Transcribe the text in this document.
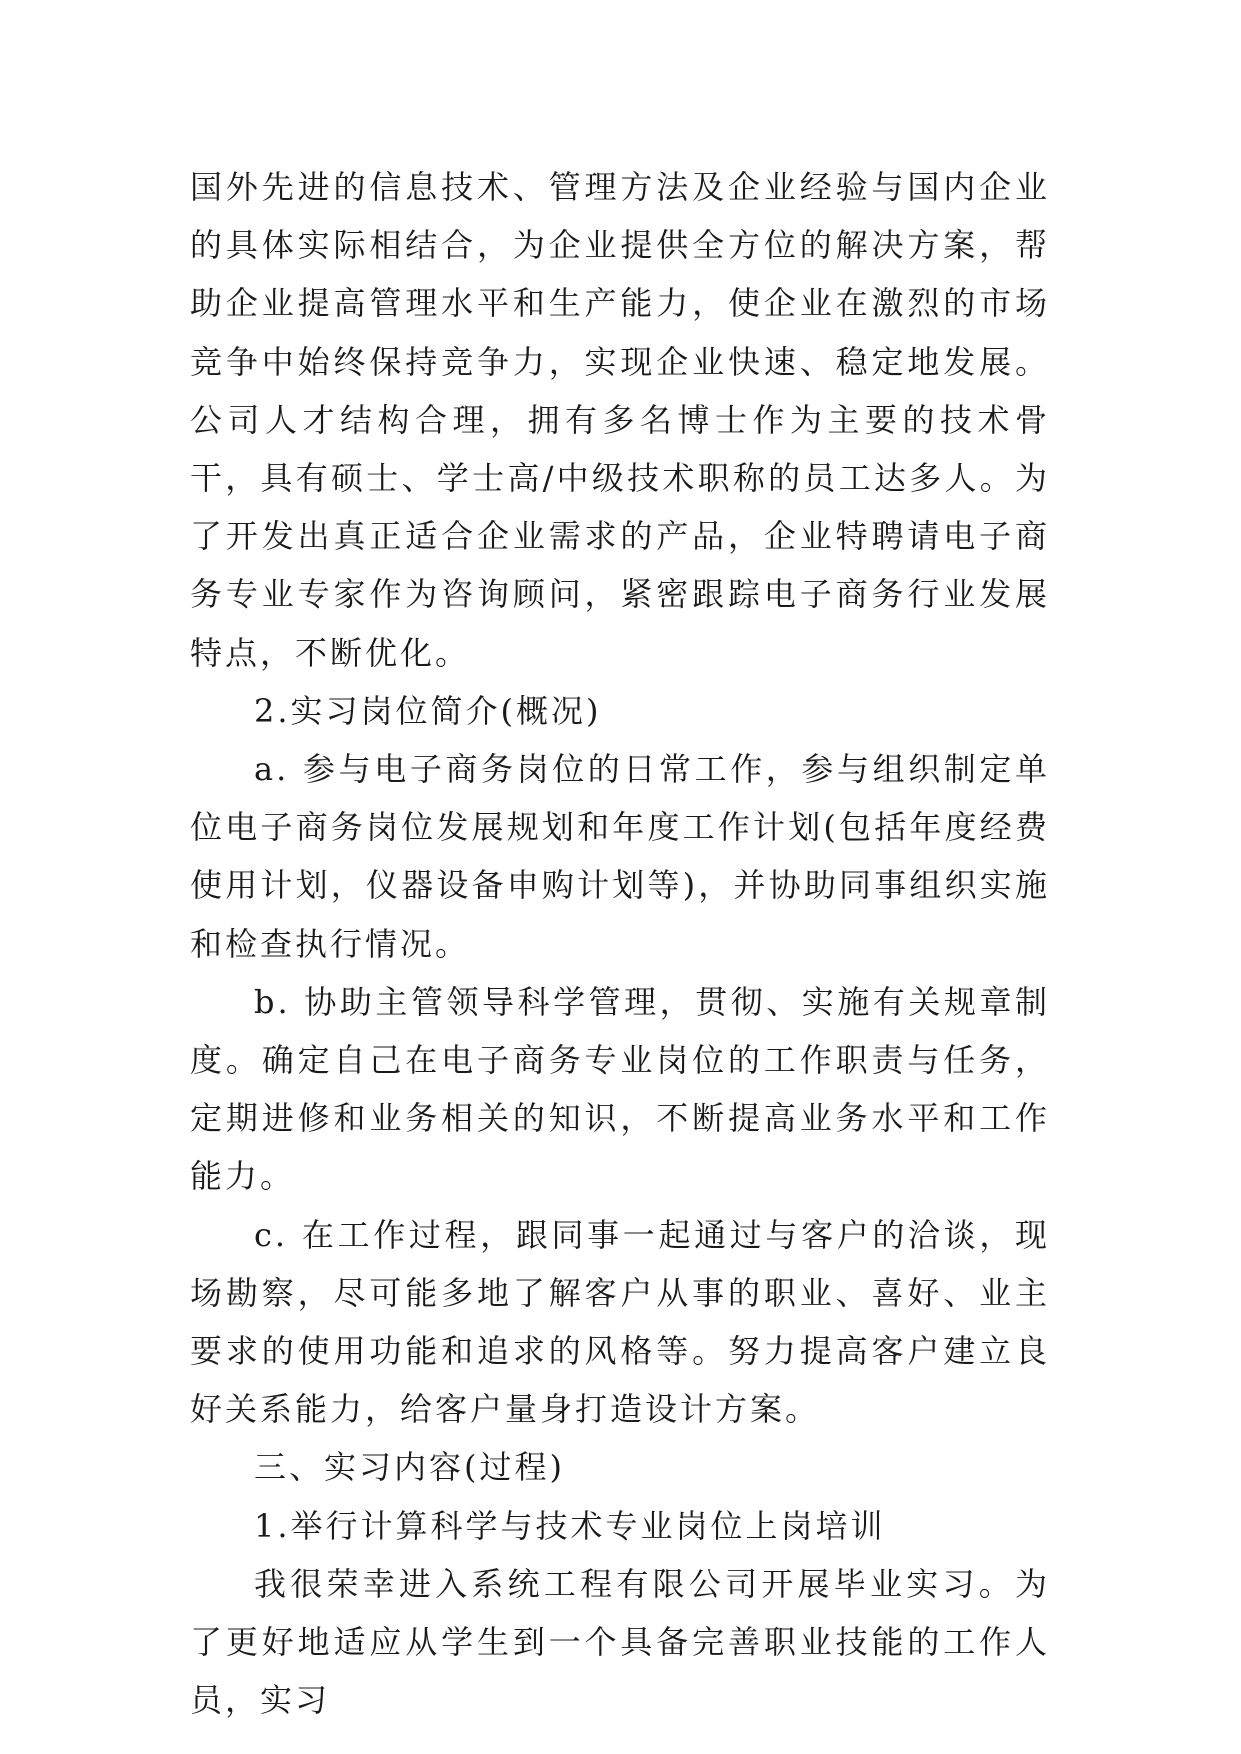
国外先进的信息技术、管理方法及企业经验与国内企业的具体实际相结合，为企业提供全方位的解决方案，帮助企业提高管理水平和生产能力，使企业在激烈的市场竞争中始终保持竞争力，实现企业快速、稳定地发展。 公司人才结构合理，拥有多名博士作为主要的技术骨干，具有硕士、学士高/中级技术职称的员工达多人。为了开发出真正适合企业需求的产品，企业特聘请电子商务专业专家作为咨询顾问，紧密跟踪电子商务行业发展特点，不断优化。

2.实习岗位简介(概况)

a. 参与电子商务岗位的日常工作，参与组织制定单位电子商务岗位发展规划和年度工作计划(包括年度经费使用计划，仪器设备申购计划等)，并协助同事组织实施和检查执行情况。

b. 协助主管领导科学管理，贯彻、实施有关规章制度。确定自己在电子商务专业岗位的工作职责与任务，定期进修和业务相关的知识，不断提高业务水平和工作能力。

c. 在工作过程，跟同事一起通过与客户的洽谈，现场勘察，尽可能多地了解客户从事的职业、喜好、业主要求的使用功能和追求的风格等。努力提高客户建立良好关系能力，给客户量身打造设计方案。

三、实习内容(过程)

1.举行计算科学与技术专业岗位上岗培训

我很荣幸进入系统工程有限公司开展毕业实习。为了更好地适应从学生到一个具备完善职业技能的工作人员，实习
